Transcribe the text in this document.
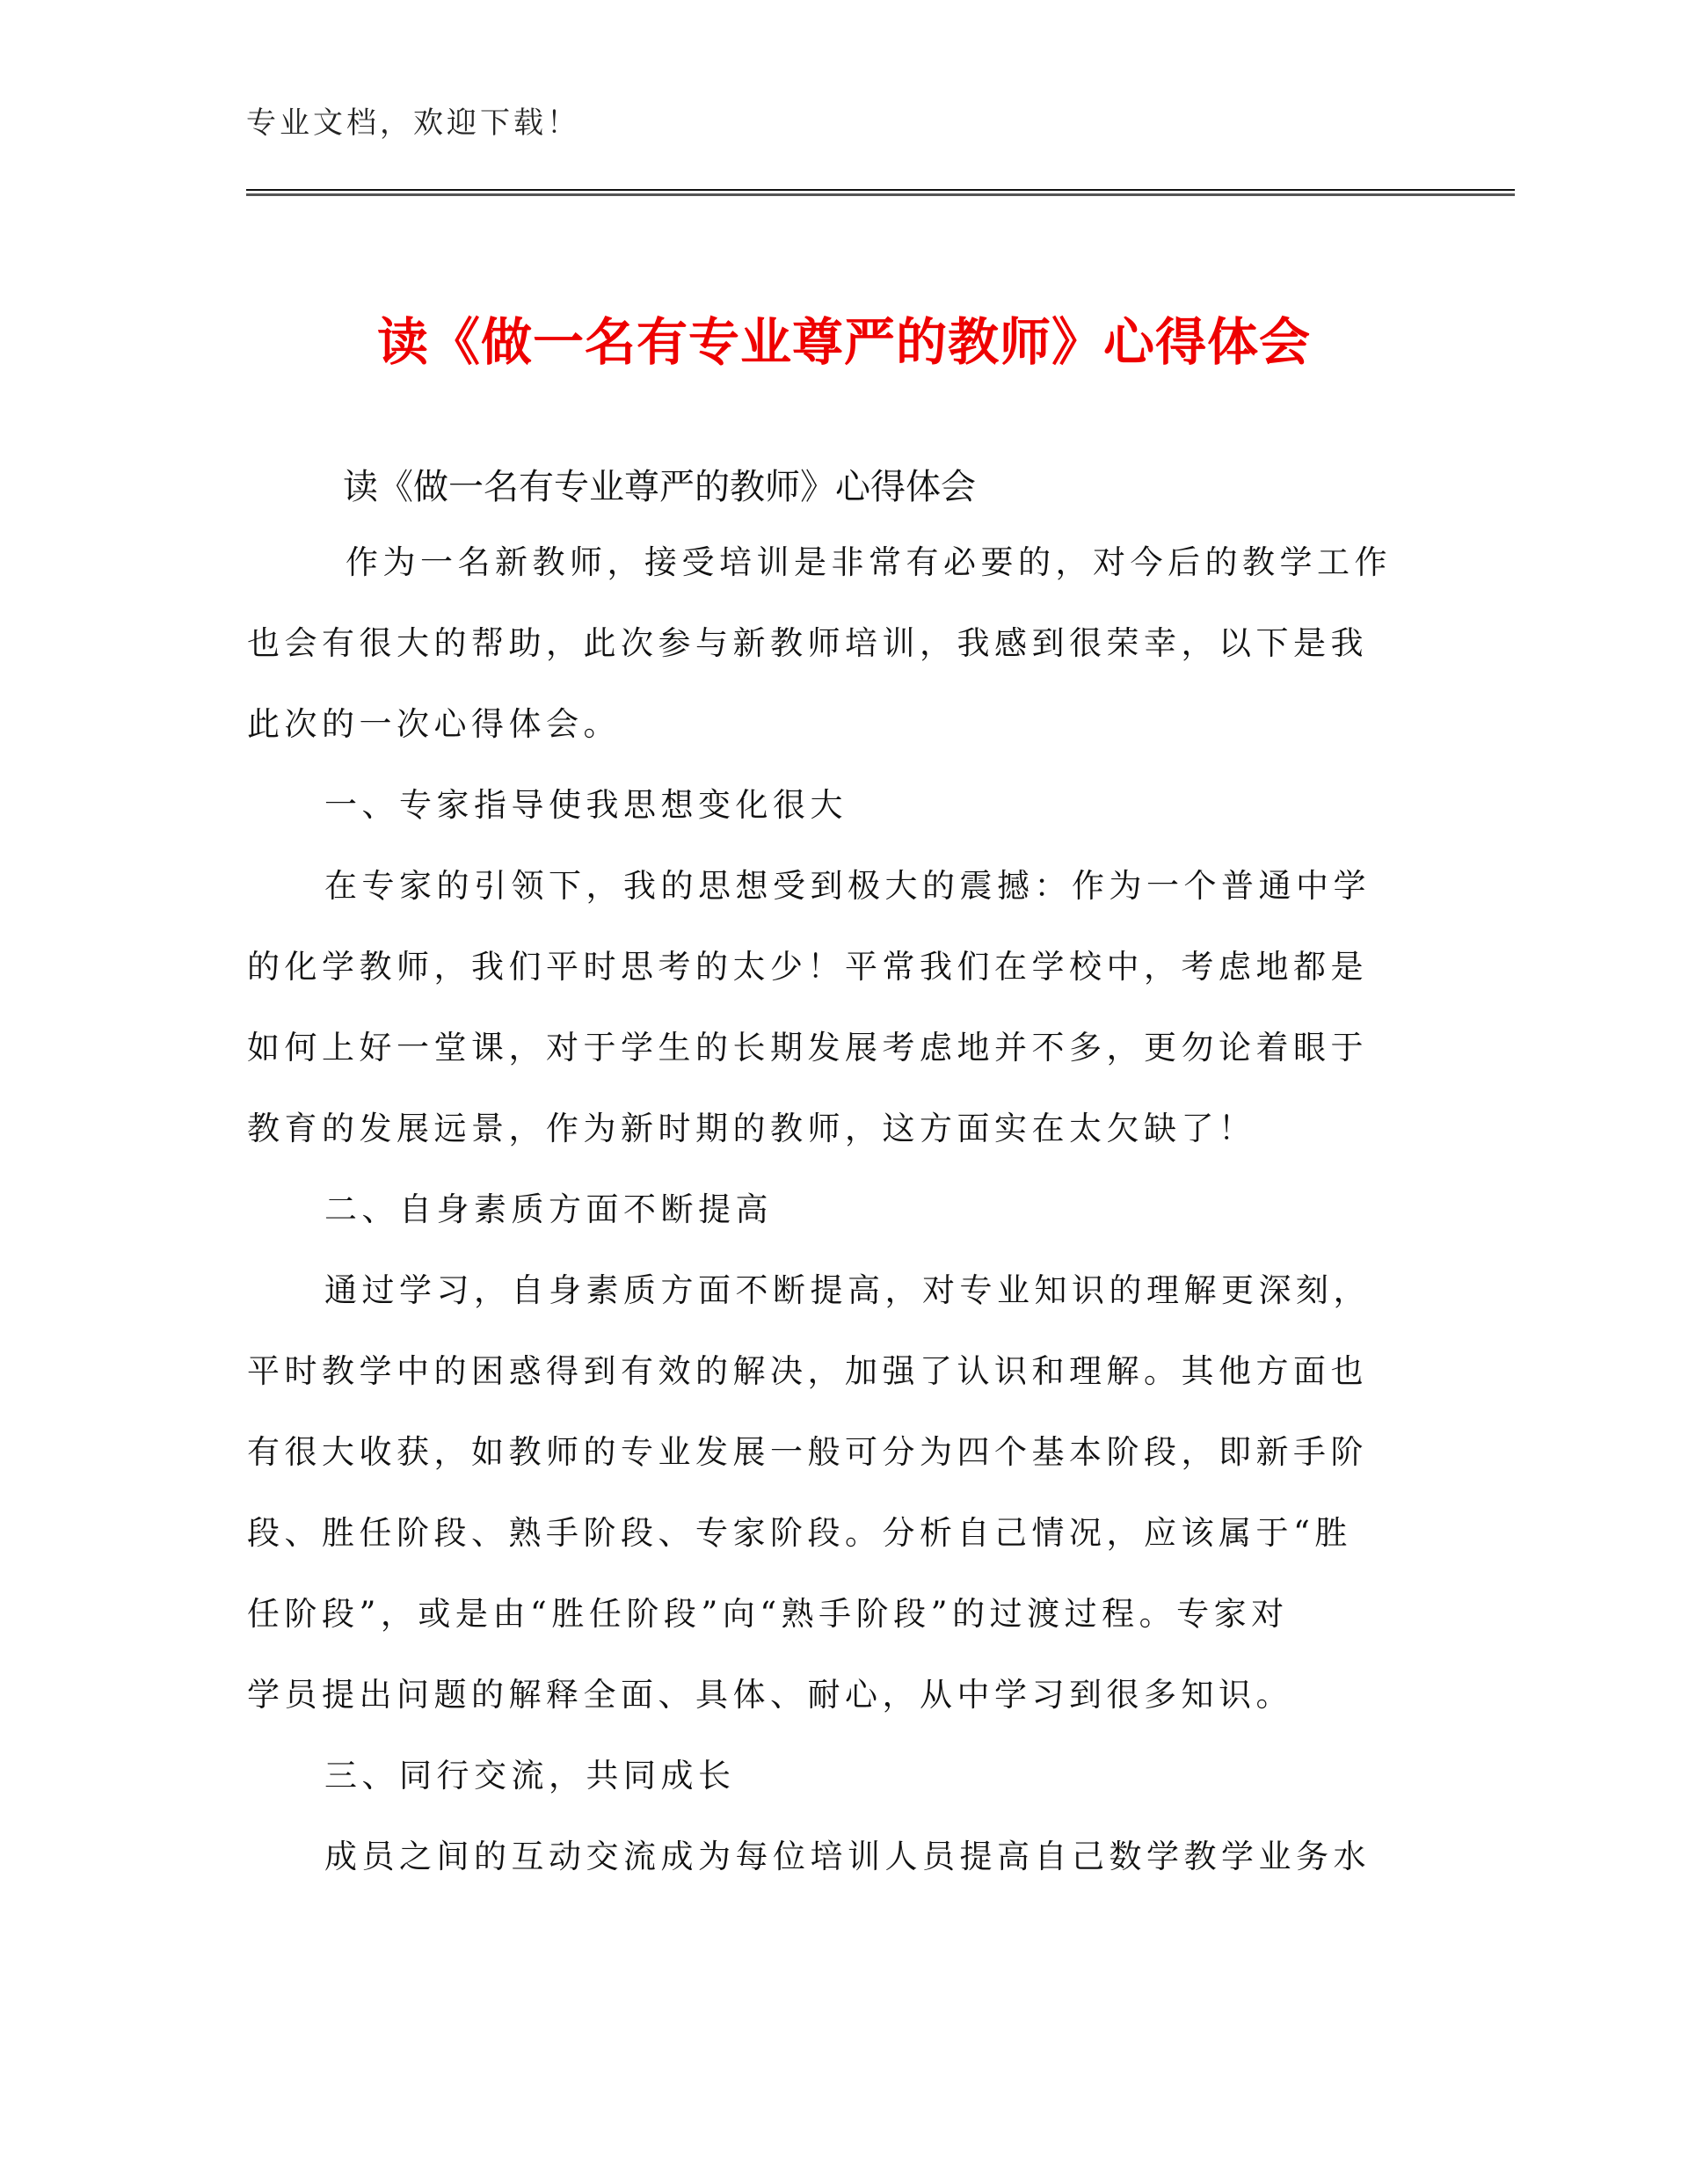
专业文档，欢迎下载！
读《做一名有专业尊严的教师》心得体会
读《做一名有专业尊严的教师》心得体会
作为一名新教师，接受培训是非常有必要的，对今后的教学工作
也会有很大的帮助，此次参与新教师培训，我感到很荣幸，以下是我
此次的一次心得体会。
一、专家指导使我思想变化很大
在专家的引领下，我的思想受到极大的震撼：作为一个普通中学
的化学教师，我们平时思考的太少！平常我们在学校中，考虑地都是
如何上好一堂课，对于学生的长期发展考虑地并不多，更勿论着眼于
教育的发展远景，作为新时期的教师，这方面实在太欠缺了！
二、自身素质方面不断提高
通过学习，自身素质方面不断提高，对专业知识的理解更深刻，
平时教学中的困惑得到有效的解决，加强了认识和理解。其他方面也
有很大收获，如教师的专业发展一般可分为四个基本阶段，即新手阶
段、胜任阶段、熟手阶段、专家阶段。分析自己情况，应该属于“胜
任阶段”，或是由“胜任阶段”向“熟手阶段”的过渡过程。专家对
学员提出问题的解释全面、具体、耐心，从中学习到很多知识。
三、同行交流，共同成长
成员之间的互动交流成为每位培训人员提高自己数学教学业务水
